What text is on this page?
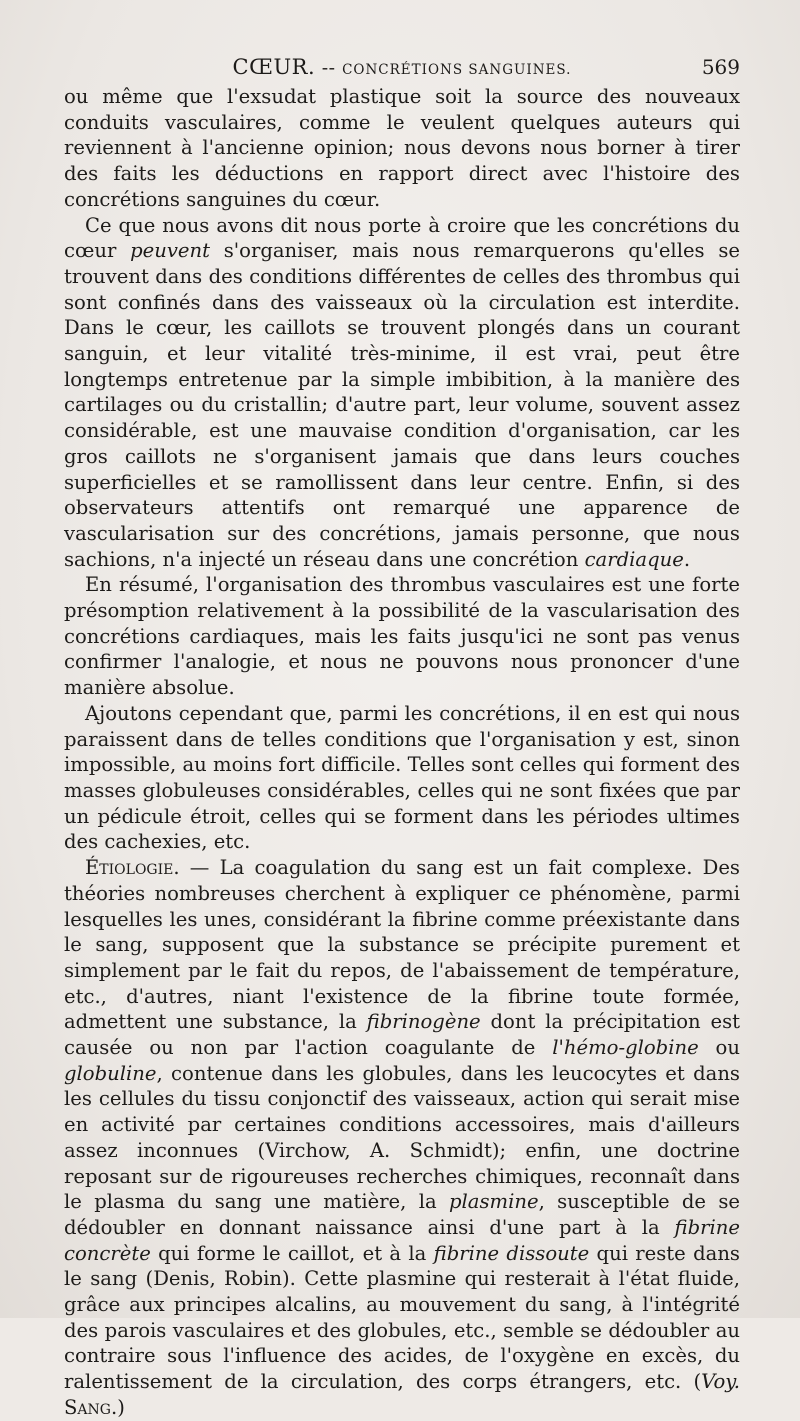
CŒUR. -- CONCRÉTIONS SANGUINES.	569

ou même que l'exsudat plastique soit la source des nouveaux conduits vasculaires, comme le veulent quelques auteurs qui reviennent à l'ancienne opinion; nous devons nous borner à tirer des faits les déductions en rapport direct avec l'histoire des concrétions sanguines du cœur.

Ce que nous avons dit nous porte à croire que les concrétions du cœur peuvent s'organiser, mais nous remarquerons qu'elles se trouvent dans des conditions différentes de celles des thrombus qui sont confinés dans des vaisseaux où la circulation est interdite. Dans le cœur, les caillots se trouvent plongés dans un courant sanguin, et leur vitalité très-minime, il est vrai, peut être longtemps entretenue par la simple imbibition, à la manière des cartilages ou du cristallin; d'autre part, leur volume, souvent assez considérable, est une mauvaise condition d'organisation, car les gros caillots ne s'organisent jamais que dans leurs couches superficielles et se ramollissent dans leur centre. Enfin, si des observateurs attentifs ont remarqué une apparence de vascularisation sur des concrétions, jamais personne, que nous sachions, n'a injecté un réseau dans une concrétion cardiaque.

En résumé, l'organisation des thrombus vasculaires est une forte présomption relativement à la possibilité de la vascularisation des concrétions cardiaques, mais les faits jusqu'ici ne sont pas venus confirmer l'analogie, et nous ne pouvons nous prononcer d'une manière absolue.

Ajoutons cependant que, parmi les concrétions, il en est qui nous paraissent dans de telles conditions que l'organisation y est, sinon impossible, au moins fort difficile. Telles sont celles qui forment des masses globuleuses considérables, celles qui ne sont fixées que par un pédicule étroit, celles qui se forment dans les périodes ultimes des cachexies, etc.

Étiologie. — La coagulation du sang est un fait complexe. Des théories nombreuses cherchent à expliquer ce phénomène, parmi lesquelles les unes, considérant la fibrine comme préexistante dans le sang, supposent que la substance se précipite purement et simplement par le fait du repos, de l'abaissement de température, etc., d'autres, niant l'existence de la fibrine toute formée, admettent une substance, la fibrinogène dont la précipitation est causée ou non par l'action coagulante de l'hémo-globine ou globuline, contenue dans les globules, dans les leucocytes et dans les cellules du tissu conjonctif des vaisseaux, action qui serait mise en activité par certaines conditions accessoires, mais d'ailleurs assez inconnues (Virchow, A. Schmidt); enfin, une doctrine reposant sur de rigoureuses recherches chimiques, reconnaît dans le plasma du sang une matière, la plasmine, susceptible de se dédoubler en donnant naissance ainsi d'une part à la fibrine concrète qui forme le caillot, et à la fibrine dissoute qui reste dans le sang (Denis, Robin). Cette plasmine qui resterait à l'état fluide, grâce aux principes alcalins, au mouvement du sang, à l'intégrité des parois vasculaires et des globules, etc., semble se dédoubler au contraire sous l'influence des acides, de l'oxygène en excès, du ralentissement de la circulation, des corps étrangers, etc. (Voy. Sang.)
